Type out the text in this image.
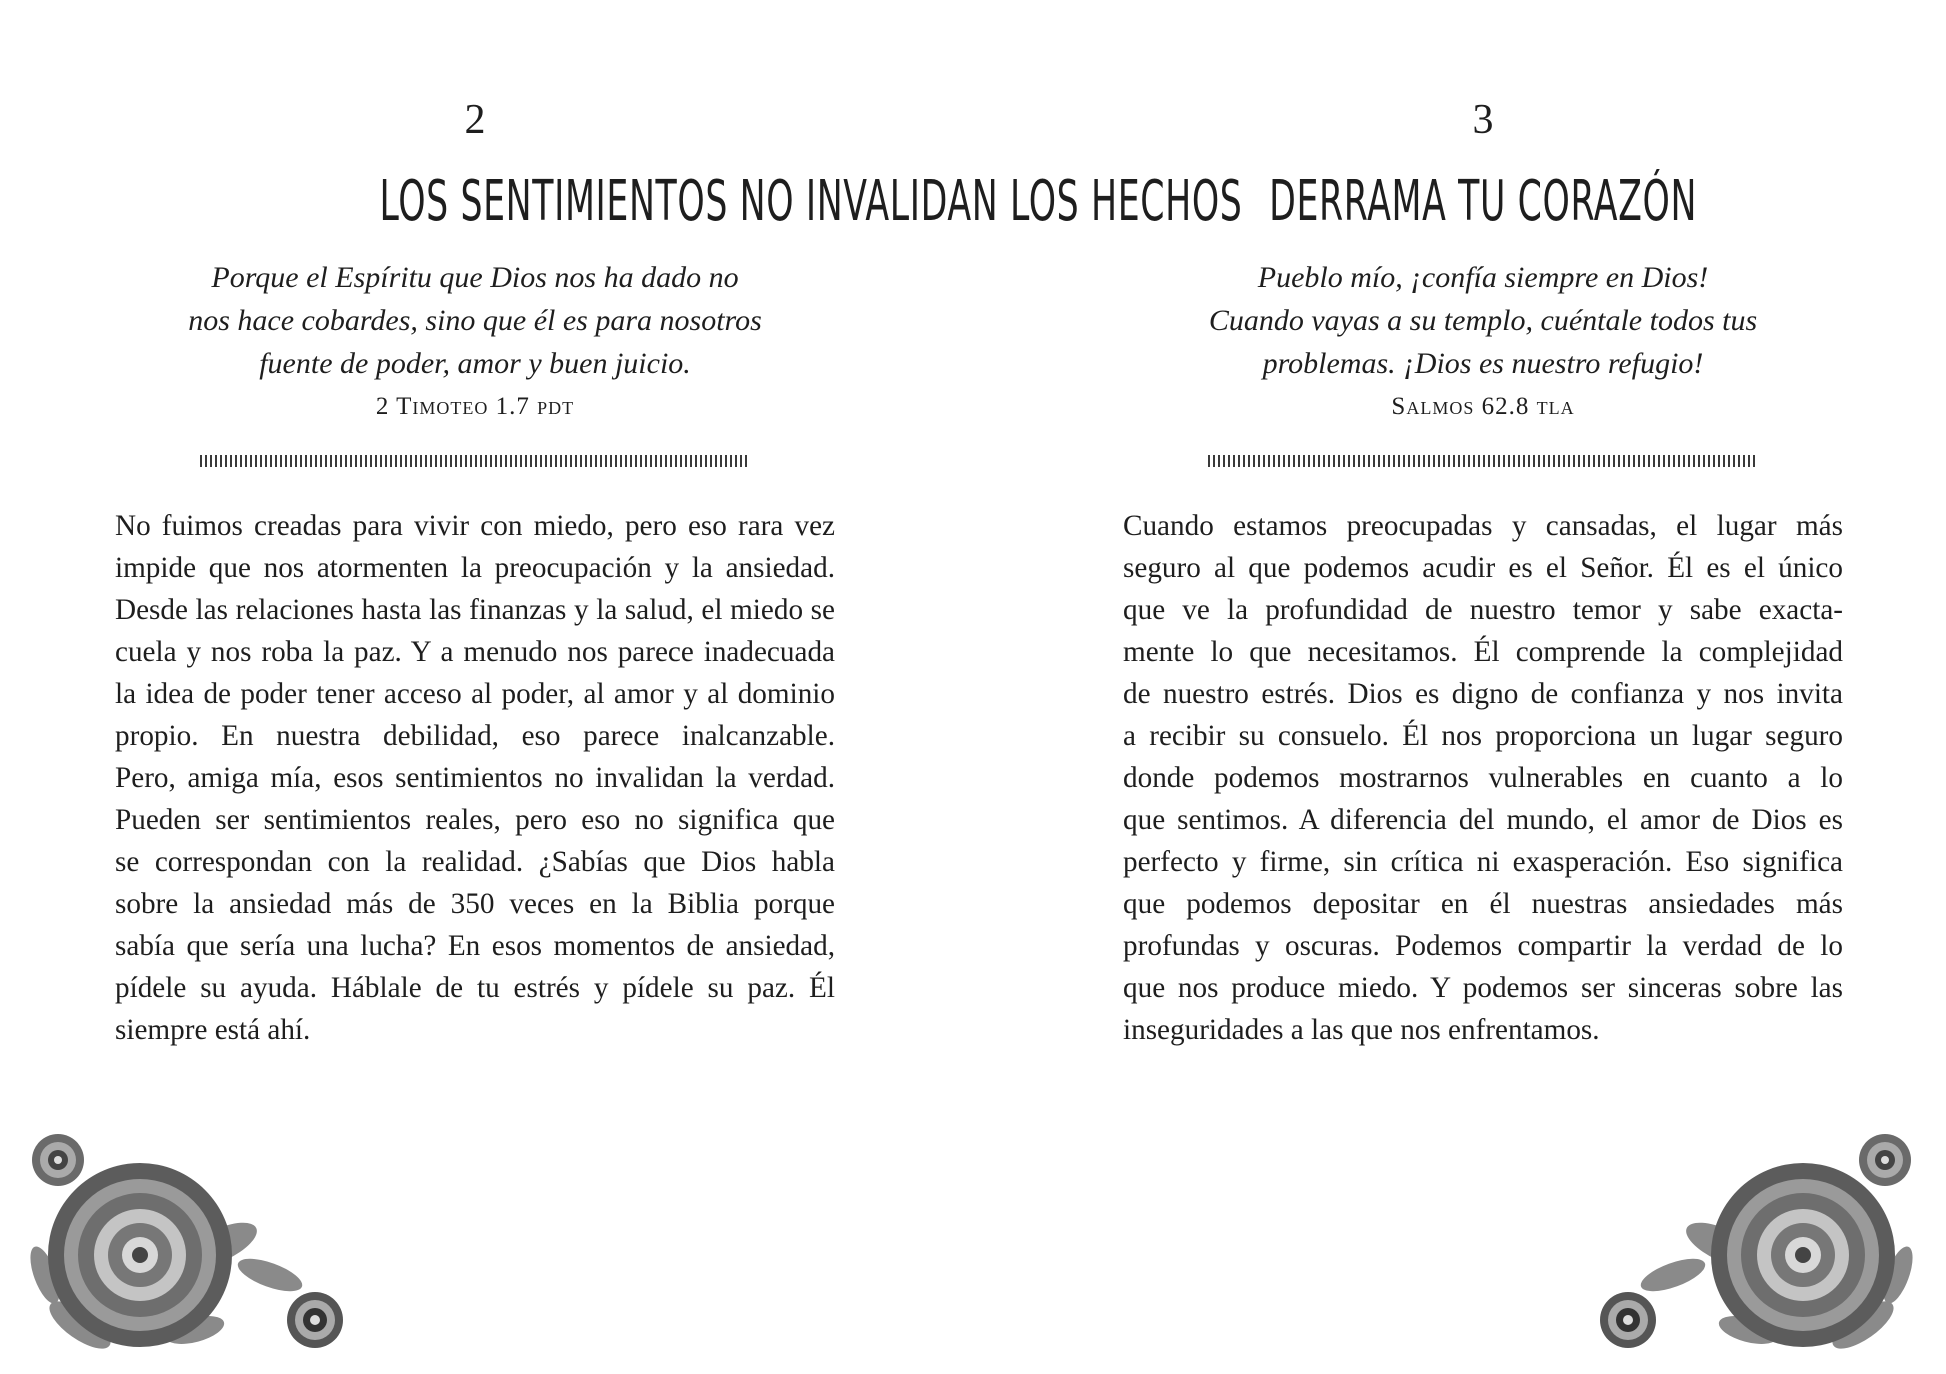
2
LOS SENTIMIENTOS NO INVALIDAN LOS HECHOS
Porque el Espíritu que Dios nos ha dado no
nos hace cobardes, sino que él es para nosotros
fuente de poder, amor y buen juicio.
2 Timoteo 1.7 pdt
No fuimos creadas para vivir con miedo, pero eso rara vez
impide que nos atormenten la preocupación y la ansiedad.
Desde las relaciones hasta las finanzas y la salud, el miedo se
cuela y nos roba la paz. Y a menudo nos parece inadecuada
la idea de poder tener acceso al poder, al amor y al dominio
propio. En nuestra debilidad, eso parece inalcanzable.
Pero, amiga mía, esos sentimientos no invalidan la verdad.
Pueden ser sentimientos reales, pero eso no significa que
se correspondan con la realidad. ¿Sabías que Dios habla
sobre la ansiedad más de 350 veces en la Biblia porque
sabía que sería una lucha? En esos momentos de ansiedad,
pídele su ayuda. Háblale de tu estrés y pídele su paz. Él
siempre está ahí.
3
DERRAMA TU CORAZÓN
Pueblo mío, ¡confía siempre en Dios!
Cuando vayas a su templo, cuéntale todos tus
problemas. ¡Dios es nuestro refugio!
Salmos 62.8 tla
Cuando estamos preocupadas y cansadas, el lugar más
seguro al que podemos acudir es el Señor. Él es el único
que ve la profundidad de nuestro temor y sabe exacta-
mente lo que necesitamos. Él comprende la complejidad
de nuestro estrés. Dios es digno de confianza y nos invita
a recibir su consuelo. Él nos proporciona un lugar seguro
donde podemos mostrarnos vulnerables en cuanto a lo
que sentimos. A diferencia del mundo, el amor de Dios es
perfecto y firme, sin crítica ni exasperación. Eso significa
que podemos depositar en él nuestras ansiedades más
profundas y oscuras. Podemos compartir la verdad de lo
que nos produce miedo. Y podemos ser sinceras sobre las
inseguridades a las que nos enfrentamos.
